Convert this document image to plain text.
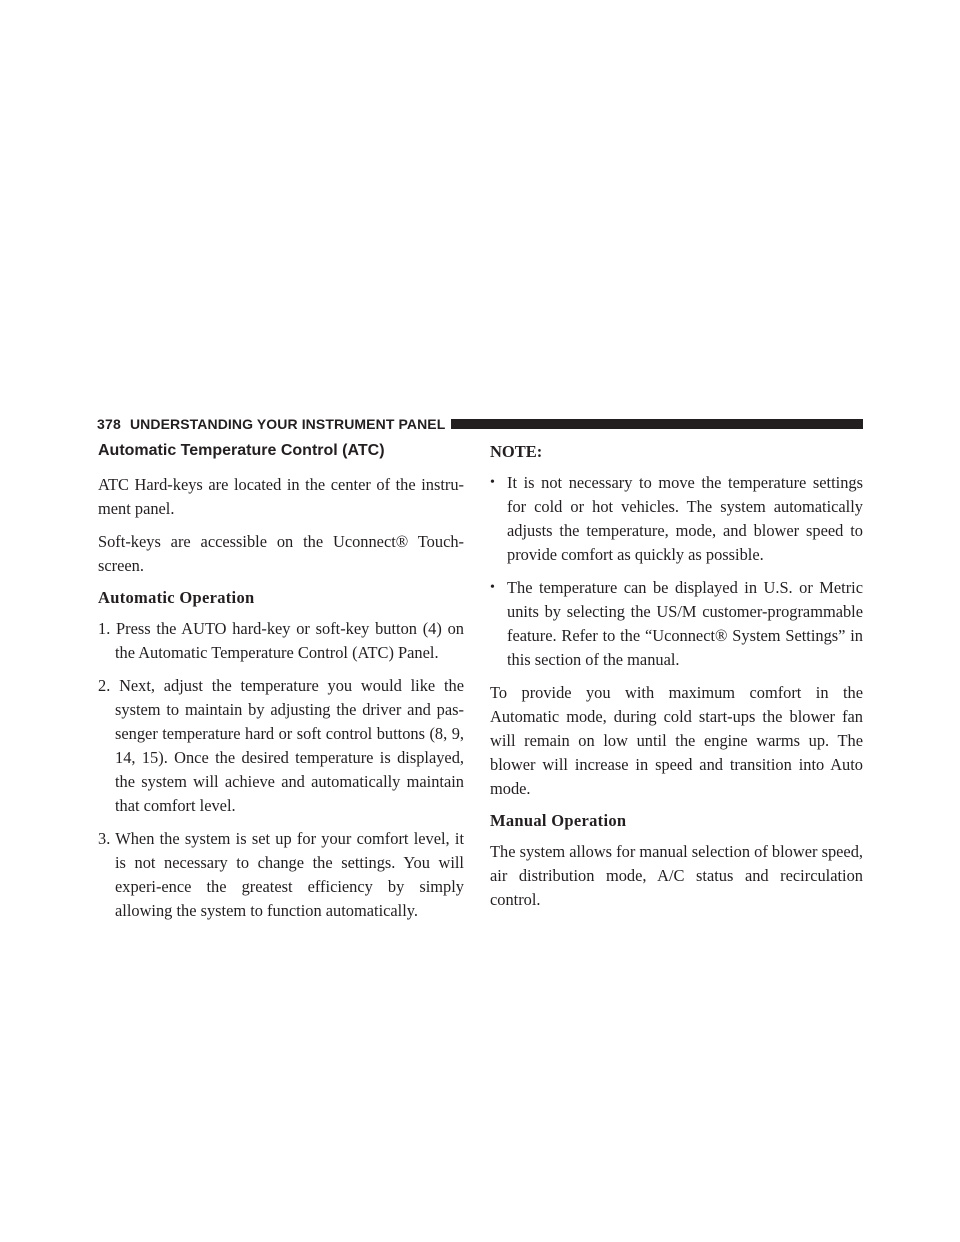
378 UNDERSTANDING YOUR INSTRUMENT PANEL
Automatic Temperature Control (ATC)

ATC Hard-keys are located in the center of the instru-ment panel.

Soft-keys are accessible on the Uconnect® Touch-screen.

Automatic Operation

1. Press the AUTO hard-key or soft-key button (4) on the Automatic Temperature Control (ATC) Panel.

2. Next, adjust the temperature you would like the system to maintain by adjusting the driver and pas-senger temperature hard or soft control buttons (8, 9, 14, 15). Once the desired temperature is displayed, the system will achieve and automatically maintain that comfort level.

3. When the system is set up for your comfort level, it is not necessary to change the settings. You will experi-ence the greatest efficiency by simply allowing the system to function automatically.

NOTE:
• It is not necessary to move the temperature settings for cold or hot vehicles. The system automatically adjusts the temperature, mode, and blower speed to provide comfort as quickly as possible.
• The temperature can be displayed in U.S. or Metric units by selecting the US/M customer-programmable feature. Refer to the “Uconnect® System Settings” in this section of the manual.

To provide you with maximum comfort in the Automatic mode, during cold start-ups the blower fan will remain on low until the engine warms up. The blower will increase in speed and transition into Auto mode.

Manual Operation

The system allows for manual selection of blower speed, air distribution mode, A/C status and recirculation control.
